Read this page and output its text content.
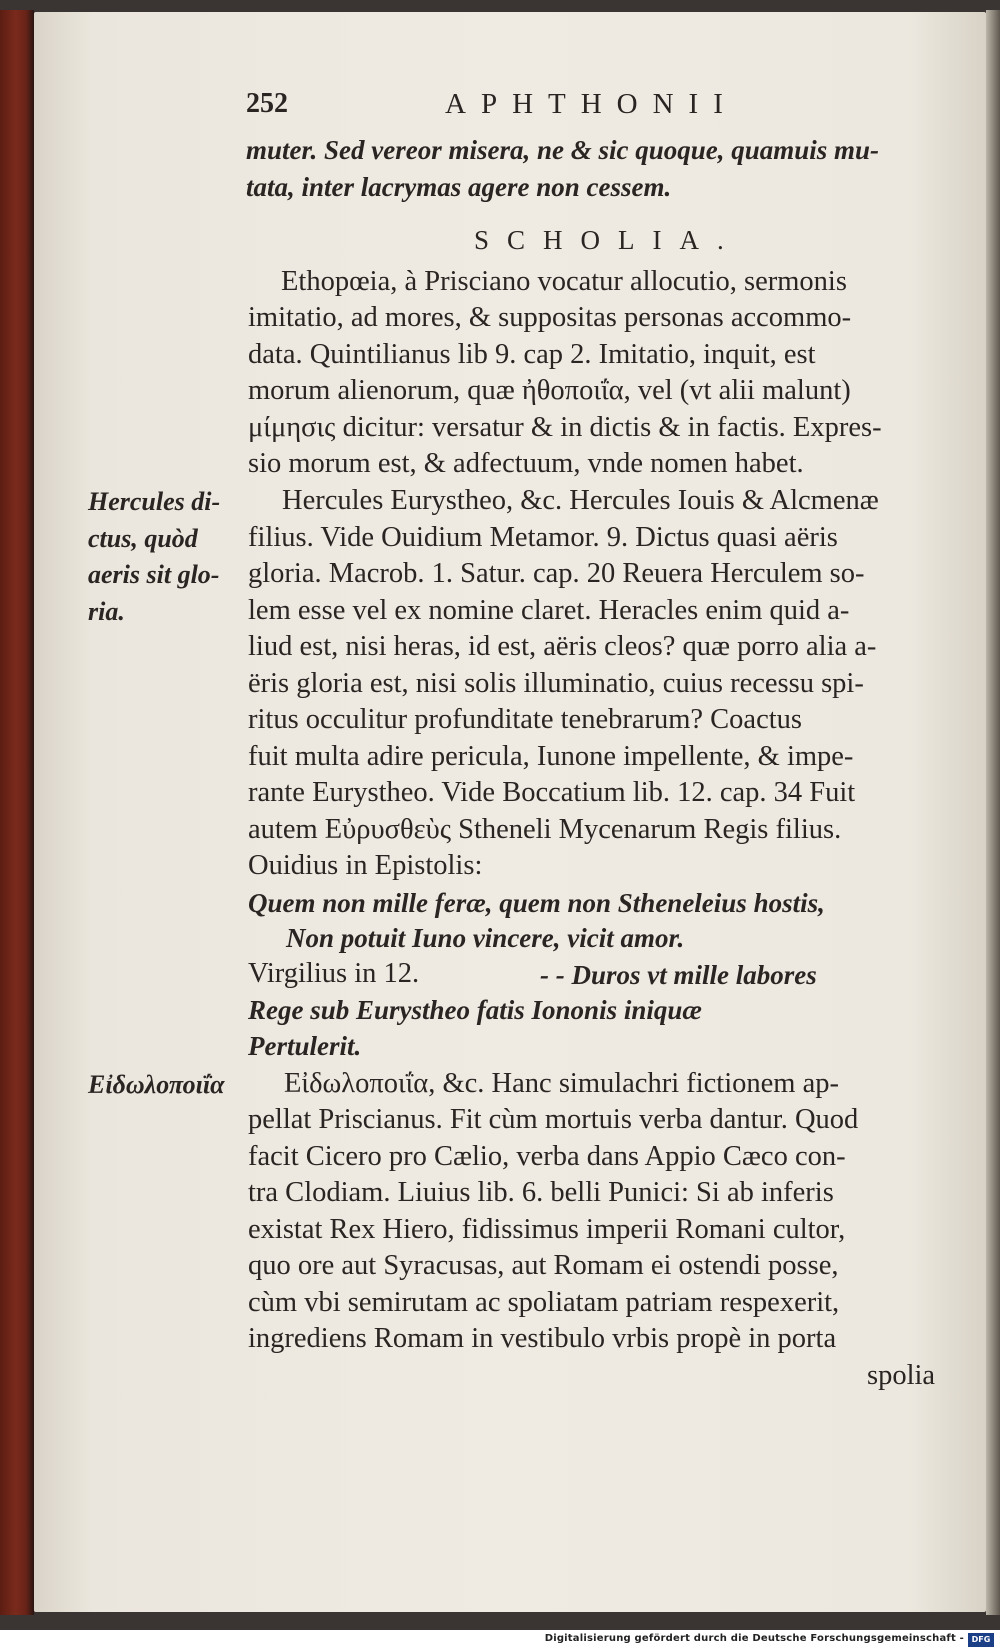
252	APHTHONII
muter. Sed vereor misera, ne & sic quoque, quamuis mu-
tata, inter lacrymas agere non cessem.
SCHOLIA.
Ethopœia, à Prisciano vocatur allocutio, sermonis
imitatio, ad mores, & suppositas personas accommo-
data. Quintilianus lib 9. cap 2. Imitatio, inquit, est
morum alienorum, quæ ἠθοποιΐα, vel (vt alii malunt)
μίμησις dicitur: versatur & in dictis & in factis. Expres-
sio morum est, & adfectuum, vnde nomen habet.
Hercules Eurystheo, &c. Hercules Iouis & Alcmenæ
filius. Vide Ouidium Metamor. 9. Dictus quasi aëris
gloria. Macrob. 1. Satur. cap. 20 Reuera Herculem so-
lem esse vel ex nomine claret. Heracles enim quid a-
liud est, nisi heras, id est, aëris cleos? quæ porro alia a-
ëris gloria est, nisi solis illuminatio, cuius recessu spi-
ritus occulitur profunditate tenebrarum? Coactus
fuit multa adire pericula, Iunone impellente, & impe-
rante Eurystheo. Vide Boccatium lib. 12. cap. 34 Fuit
autem Εὐρυσθεὺς Stheneli Mycenarum Regis filius.
Ouidius in Epistolis:
Quem non mille feræ, quem non Stheneleius hostis,
Non potuit Iuno vincere, vicit amor.
Virgilius in 12.	- - Duros vt mille labores
Rege sub Eurystheo fatis Iononis iniquæ
Pertulerit.
Εἰδωλοποιΐα, &c. Hanc simulachri fictionem ap-
pellat Priscianus. Fit cùm mortuis verba dantur. Quod
facit Cicero pro Cælio, verba dans Appio Cæco con-
tra Clodiam. Liuius lib. 6. belli Punici: Si ab inferis
existat Rex Hiero, fidissimus imperii Romani cultor,
quo ore aut Syracusas, aut Romam ei ostendi posse,
cùm vbi semirutam ac spoliatam patriam respexerit,
ingrediens Romam in vestibulo vrbis propè in porta
spolia
Hercules di-
ctus, quòd
aeris sit glo-
ria.
Εἰδωλοποιΐα
Digitalisierung gefördert durch die Deutsche Forschungsgemeinschaft - DFG
